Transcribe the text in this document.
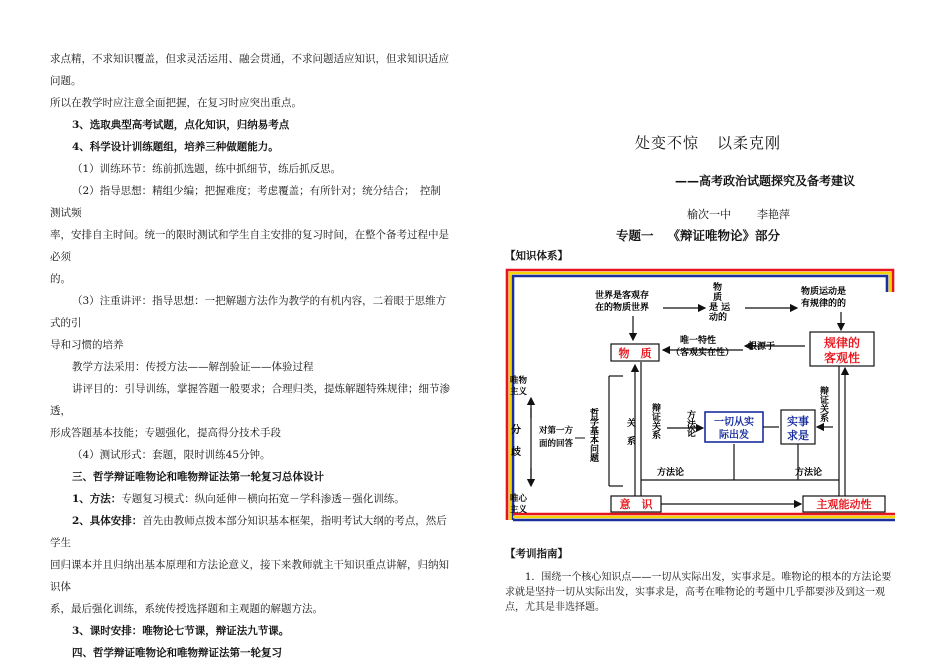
求点精，不求知识覆盖，但求灵活运用、融会贯通，不求问题适应知识，但求知识适应问题。

所以在教学时应注意全面把握，在复习时应突出重点。

3、选取典型高考试题，点化知识，归纳易考点

4、科学设计训练题组，培养三种做题能力。

（1）训练环节：练前抓选题，练中抓细节，练后抓反思。

（2）指导思想：精组少编；把握难度；考虑覆盖；有所针对；统分结合；　控制测试频

率，安排自主时间。统一的限时测试和学生自主安排的复习时间，在整个备考过程中是必须

的。

（3）注重讲评：指导思想：一把解题方法作为教学的有机内容，二着眼于思维方式的引

导和习惯的培养

教学方法采用：传授方法——解剖验证——体验过程

讲评目的：引导训练，掌握答题一般要求；合理归类，提炼解题特殊规律；细节渗透，

形成答题基本技能；专题强化，提高得分技术手段

（4）测试形式：套题，限时训练45分钟。

三、哲学辩证唯物论和唯物辩证法第一轮复习总体设计

1、方法：专题复习模式：纵向延伸－横向拓宽－学科渗透－强化训练。

2、具体安排：首先由教师点拨本部分知识基本框架，指明考试大纲的考点，然后学生

回归课本并且归纳出基本原理和方法论意义，接下来教师就主干知识重点讲解，归纳知识体

系，最后强化训练，系统传授选择题和主观题的解题方法。

3、课时安排：唯物论七节课，辩证法九节课。

四、哲学辩证唯物论和唯物辩证法第一轮复习

处变不惊 以柔克刚
——高考政治试题探究及备考建议
榆次一中 李艳萍
专题一 《辩证唯物论》部分
【知识体系】
世界是客观存
在的物质世界
物
质
是 运
动的
物质运动是
有规律的的
物　质
唯一特性
（客观实在性）
根源于	规律的
客观性
唯物
主义
分
歧
唯心
主义
对第一方
面的回答 哲学基本问题	关　系 辩证关系	方法论 一切从实
际出发
实事
求是
辩证关系
方法论	方法论
意　识	主观能动性
【考训指南】
1．围绕一个核心知识点——一切从实际出发，实事求是。唯物论的根本的方法论要求就是坚持一切从实际出发，实事求是，高考在唯物论的考题中几乎都要涉及到这一观点，尤其是非选择题。
